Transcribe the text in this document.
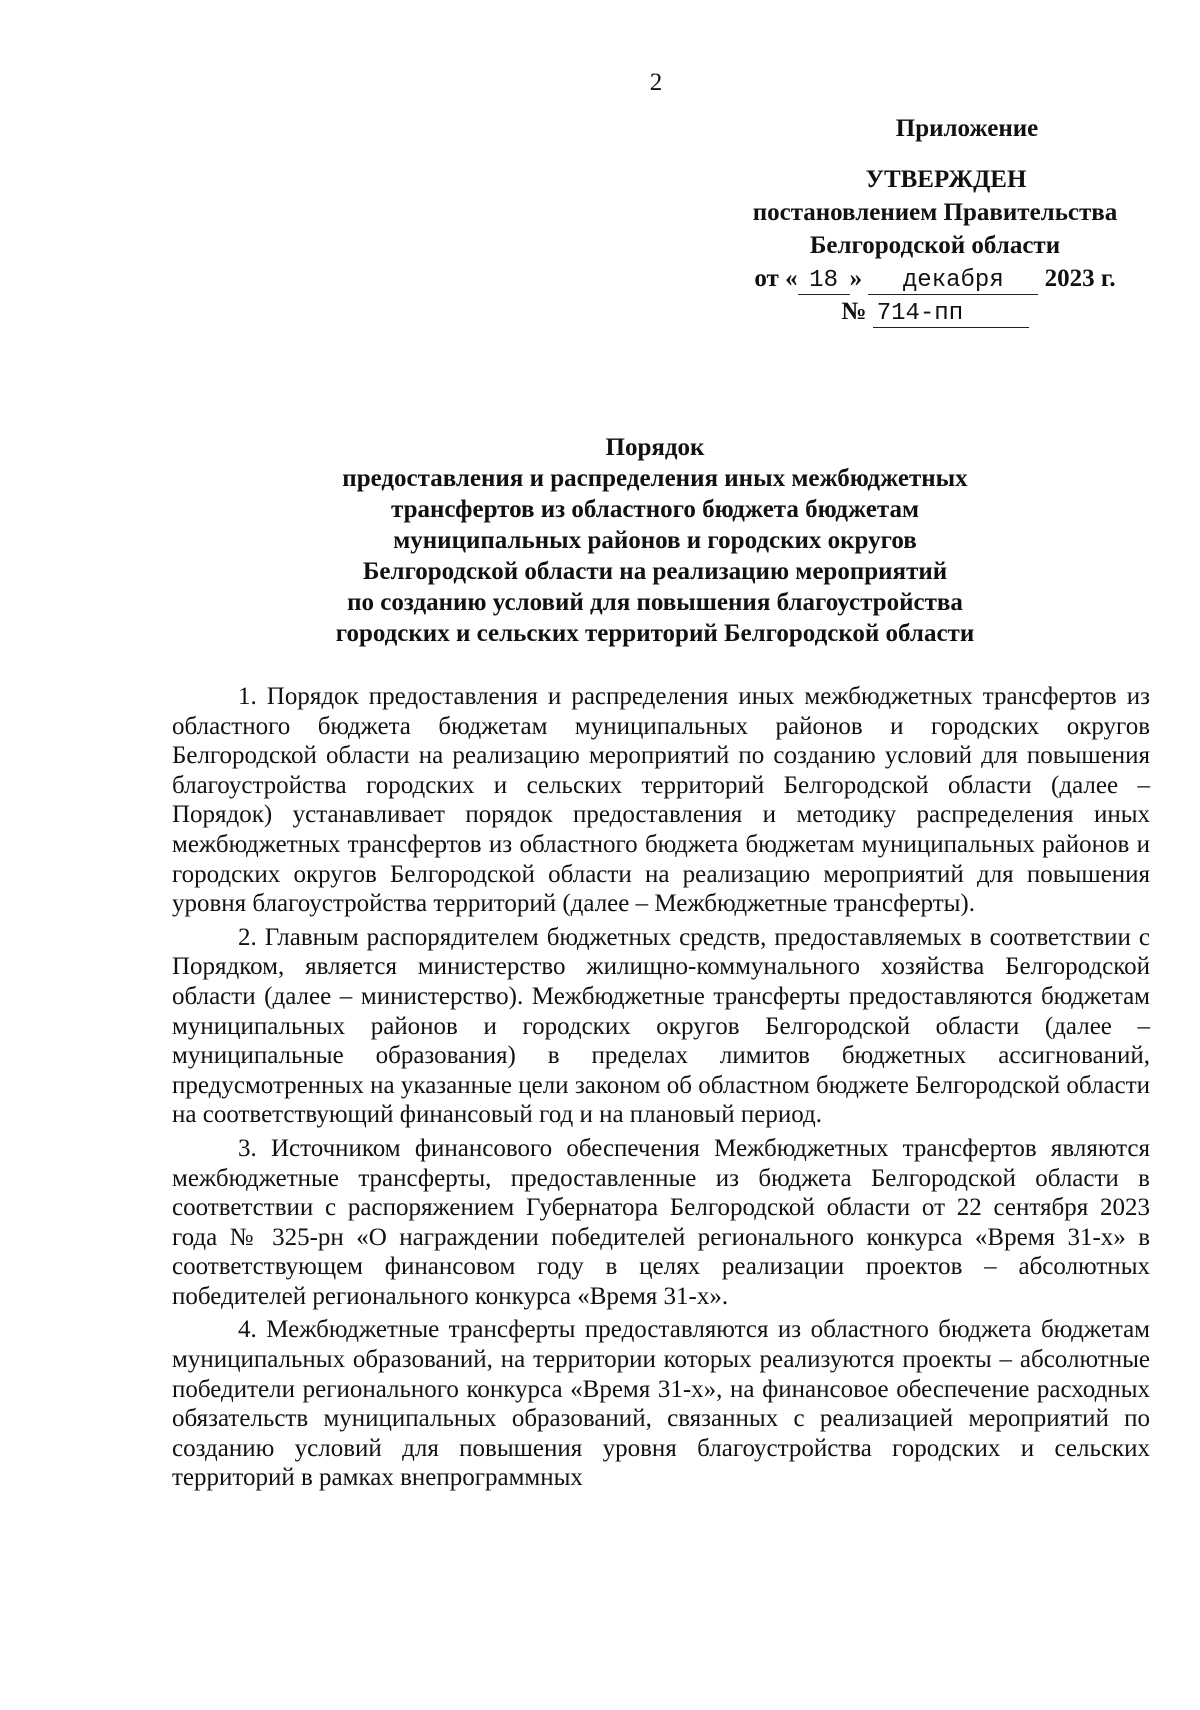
2
Приложение
УТВЕРЖДЕН
постановлением Правительства
Белгородской области
от « 18 » декабря 2023 г.
№ 714-пп
Порядок
предоставления и распределения иных межбюджетных
трансфертов из областного бюджета бюджетам
муниципальных районов и городских округов
Белгородской области на реализацию мероприятий
по созданию условий для повышения благоустройства
городских и сельских территорий Белгородской области

1. Порядок предоставления и распределения иных межбюджетных трансфертов из областного бюджета бюджетам муниципальных районов и городских округов Белгородской области на реализацию мероприятий по созданию условий для повышения благоустройства городских и сельских территорий Белгородской области (далее – Порядок) устанавливает порядок предоставления и методику распределения иных межбюджетных трансфертов из областного бюджета бюджетам муниципальных районов и городских округов Белгородской области на реализацию мероприятий для повышения уровня благоустройства территорий (далее – Межбюджетные трансферты).

2. Главным распорядителем бюджетных средств, предоставляемых в соответствии с Порядком, является министерство жилищно-коммунального хозяйства Белгородской области (далее – министерство). Межбюджетные трансферты предоставляются бюджетам муниципальных районов и городских округов Белгородской области (далее – муниципальные образования) в пределах лимитов бюджетных ассигнований, предусмотренных на указанные цели законом об областном бюджете Белгородской области на соответствующий финансовый год и на плановый период.

3. Источником финансового обеспечения Межбюджетных трансфертов являются межбюджетные трансферты, предоставленные из бюджета Белгородской области в соответствии с распоряжением Губернатора Белгородской области от 22 сентября 2023 года № 325-рн «О награждении победителей регионального конкурса «Время 31-х» в соответствующем финансовом году в целях реализации проектов – абсолютных победителей регионального конкурса «Время 31-х».

4. Межбюджетные трансферты предоставляются из областного бюджета бюджетам муниципальных образований, на территории которых реализуются проекты – абсолютные победители регионального конкурса «Время 31-х», на финансовое обеспечение расходных обязательств муниципальных образований, связанных с реализацией мероприятий по созданию условий для повышения уровня благоустройства городских и сельских территорий в рамках внепрограммных
